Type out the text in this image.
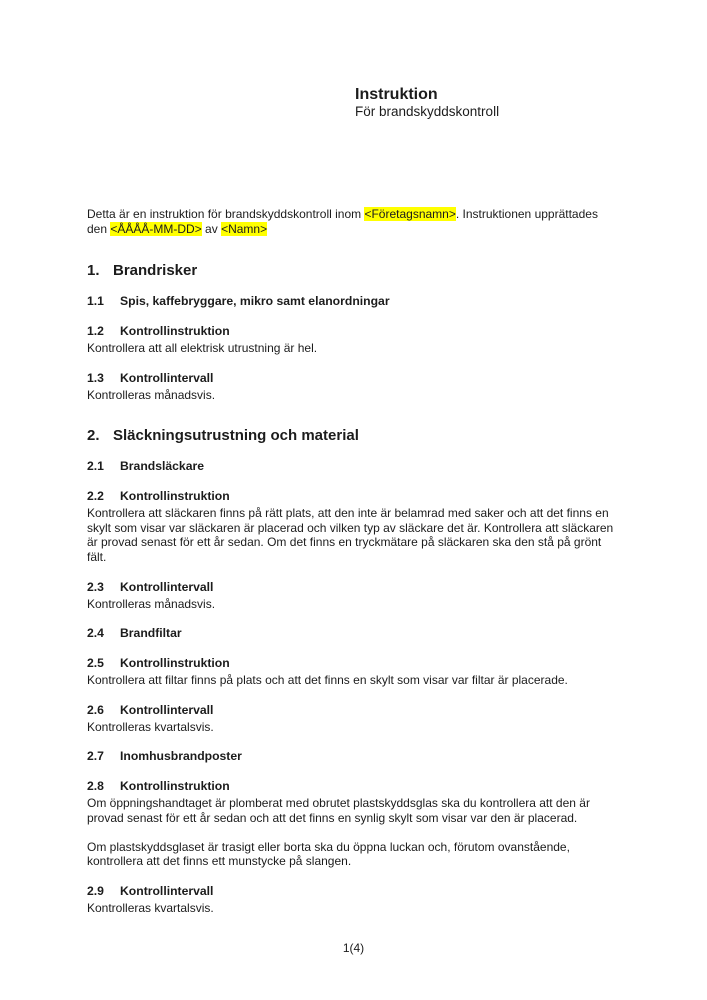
Instruktion
För brandskyddskontroll

Detta är en instruktion för brandskyddskontroll inom <Företagsnamn>. Instruktionen upprättades den <ÅÅÅÅ-MM-DD> av <Namn>

1. Brandrisker
1.1 Spis, kaffebryggare, mikro samt elanordningar
1.2 Kontrollinstruktion

Kontrollera att all elektrisk utrustning är hel.

1.3 Kontrollintervall

Kontrolleras månadsvis.

2. Släckningsutrustning och material
2.1 Brandsläckare
2.2 Kontrollinstruktion

Kontrollera att släckaren finns på rätt plats, att den inte är belamrad med saker och att det finns en skylt som visar var släckaren är placerad och vilken typ av släckare det är. Kontrollera att släckaren är provad senast för ett år sedan. Om det finns en tryckmätare på släckaren ska den stå på grönt fält.

2.3 Kontrollintervall

Kontrolleras månadsvis.

2.4 Brandfiltar
2.5 Kontrollinstruktion

Kontrollera att filtar finns på plats och att det finns en skylt som visar var filtar är placerade.

2.6 Kontrollintervall

Kontrolleras kvartalsvis.

2.7 Inomhusbrandposter
2.8 Kontrollinstruktion

Om öppningshandtaget är plomberat med obrutet plastskyddsglas ska du kontrollera att den är provad senast för ett år sedan och att det finns en synlig skylt som visar var den är placerad.

Om plastskyddsglaset är trasigt eller borta ska du öppna luckan och, förutom ovanstående, kontrollera att det finns ett munstycke på slangen.

2.9 Kontrollintervall

Kontrolleras kvartalsvis.

1(4)
